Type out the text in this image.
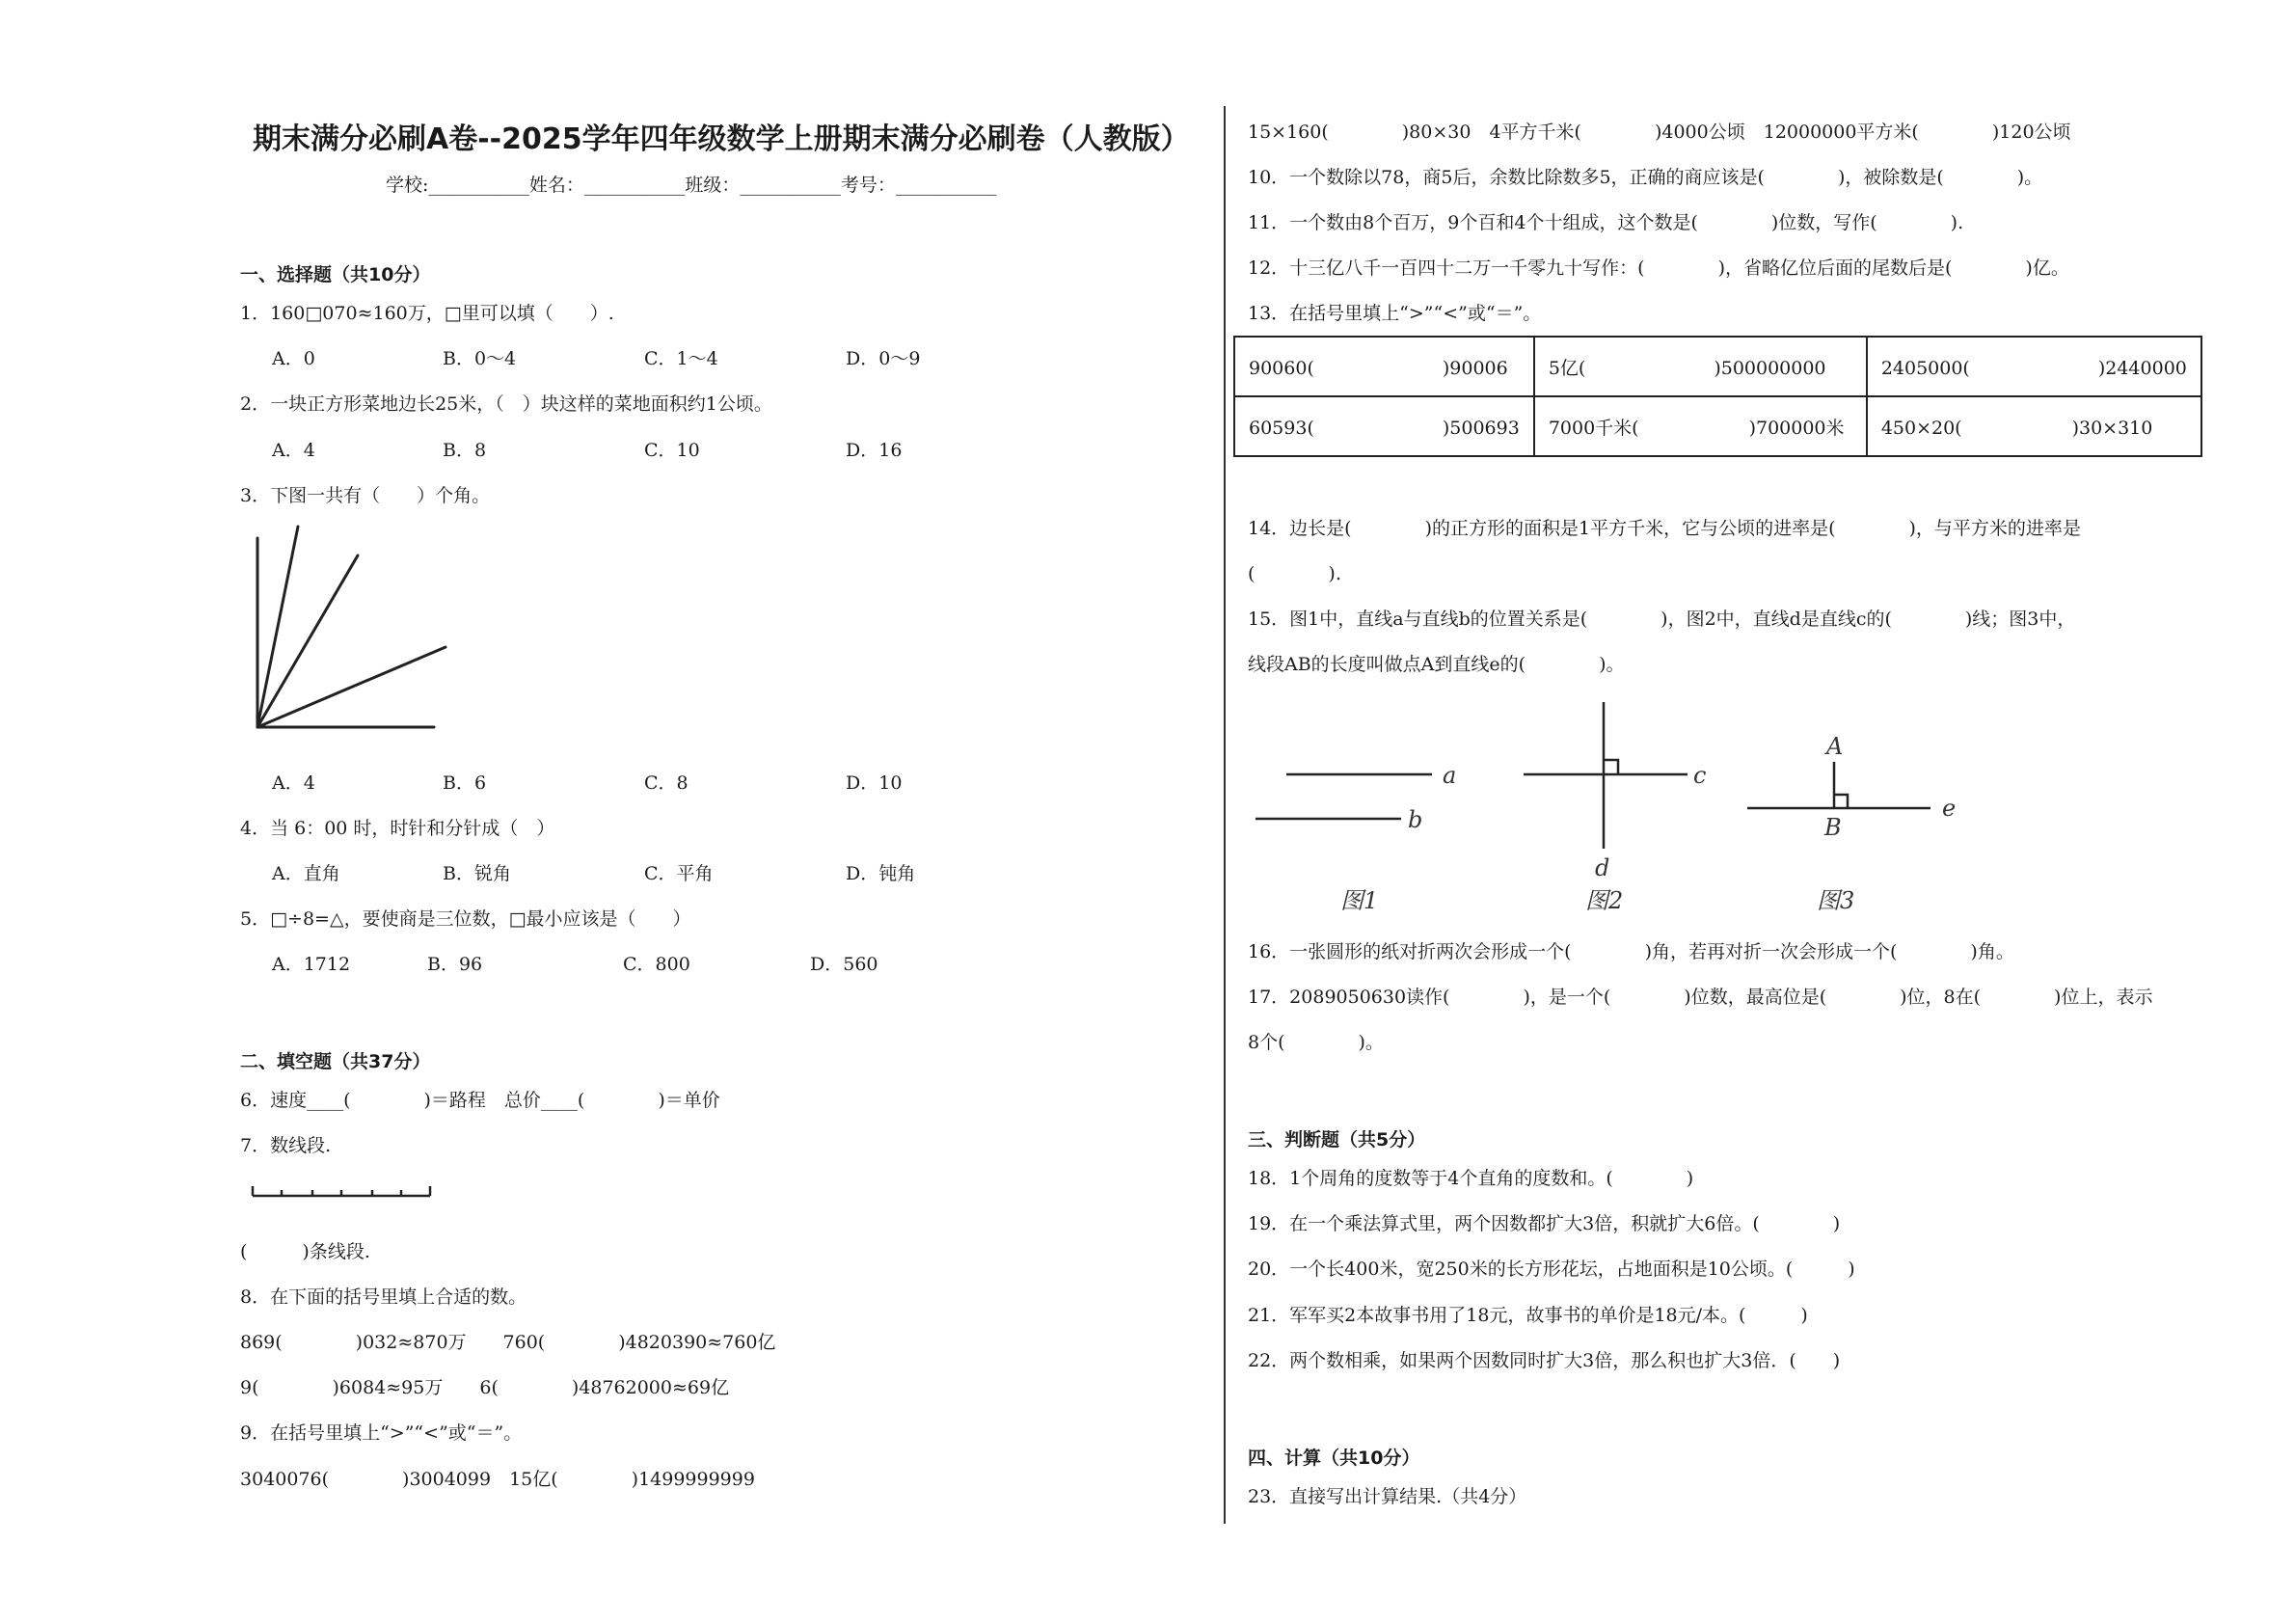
期末满分必刷A卷--2025学年四年级数学上册期末满分必刷卷（人教版）
学校:___________姓名：___________班级：___________考号：___________
一、选择题（共10分）
1．160□070≈160万，□里可以填（　　）.
A．0	B．0～4	C．1～4	D．0～9
2．一块正方形菜地边长25米，（　）块这样的菜地面积约1公顷。
A．4	B．8	C．10	D．16
3．下图一共有（　　）个角。
A．4	B．6	C．8	D．10
4．当 6：00 时，时针和分针成（　）
A．直角	B．锐角	C．平角	D．钝角
5．□÷8=△，要使商是三位数，□最小应该是（　　）
A．1712	B．96	C．800	D．560
二、填空题（共37分）
6．速度____(　　　　)＝路程　总价____(　　　　)＝单价
7．数线段.
(　　　)条线段.
8．在下面的括号里填上合适的数。
869(　　　　)032≈870万　　760(　　　　)4820390≈760亿
9(　　　　)6084≈95万　　6(　　　　)48762000≈69亿
9．在括号里填上“>”“<”或“＝”。
3040076(　　　　)3004099　15亿(　　　　)1499999999
15×160(　　　　)80×30　4平方千米(　　　　)4000公顷　12000000平方米(　　　　)120公顷
10．一个数除以78，商5后，余数比除数多5，正确的商应该是(　　　　)，被除数是(　　　　)。
11．一个数由8个百万，9个百和4个十组成，这个数是(　　　　)位数，写作(　　　　).
12．十三亿八千一百四十二万一千零九十写作：(　　　　)，省略亿位后面的尾数后是(　　　　)亿。
13．在括号里填上“>”“<”或“＝”。
90060(　　　　　　　)90006	5亿(　　　　　　　)500000000	2405000(　　　　　　　)2440000
60593(　　　　　　　)500693	7000千米(　　　　　　)700000米	450×20(　　　　　　)30×310
14．边长是(　　　　)的正方形的面积是1平方千米，它与公顷的进率是(　　　　)，与平方米的进率是
(　　　　).
15．图1中，直线a与直线b的位置关系是(　　　　)，图2中，直线d是直线c的(　　　　)线；图3中，
线段AB的长度叫做点A到直线e的(　　　　)。
a
b
c
d
A
B
e
图1	图2	图3
16．一张圆形的纸对折两次会形成一个(　　　　)角，若再对折一次会形成一个(　　　　)角。
17．2089050630读作(　　　　)，是一个(　　　　)位数，最高位是(　　　　)位，8在(　　　　)位上，表示
8个(　　　　)。
三、判断题（共5分）
18．1个周角的度数等于4个直角的度数和。(　　　　)
19．在一个乘法算式里，两个因数都扩大3倍，积就扩大6倍。(　　　　)
20．一个长400米，宽250米的长方形花坛，占地面积是10公顷。(　　　)
21．军军买2本故事书用了18元，故事书的单价是18元/本。(　　　)
22．两个数相乘，如果两个因数同时扩大3倍，那么积也扩大3倍．(　　)
四、计算（共10分）
23．直接写出计算结果.（共4分）
